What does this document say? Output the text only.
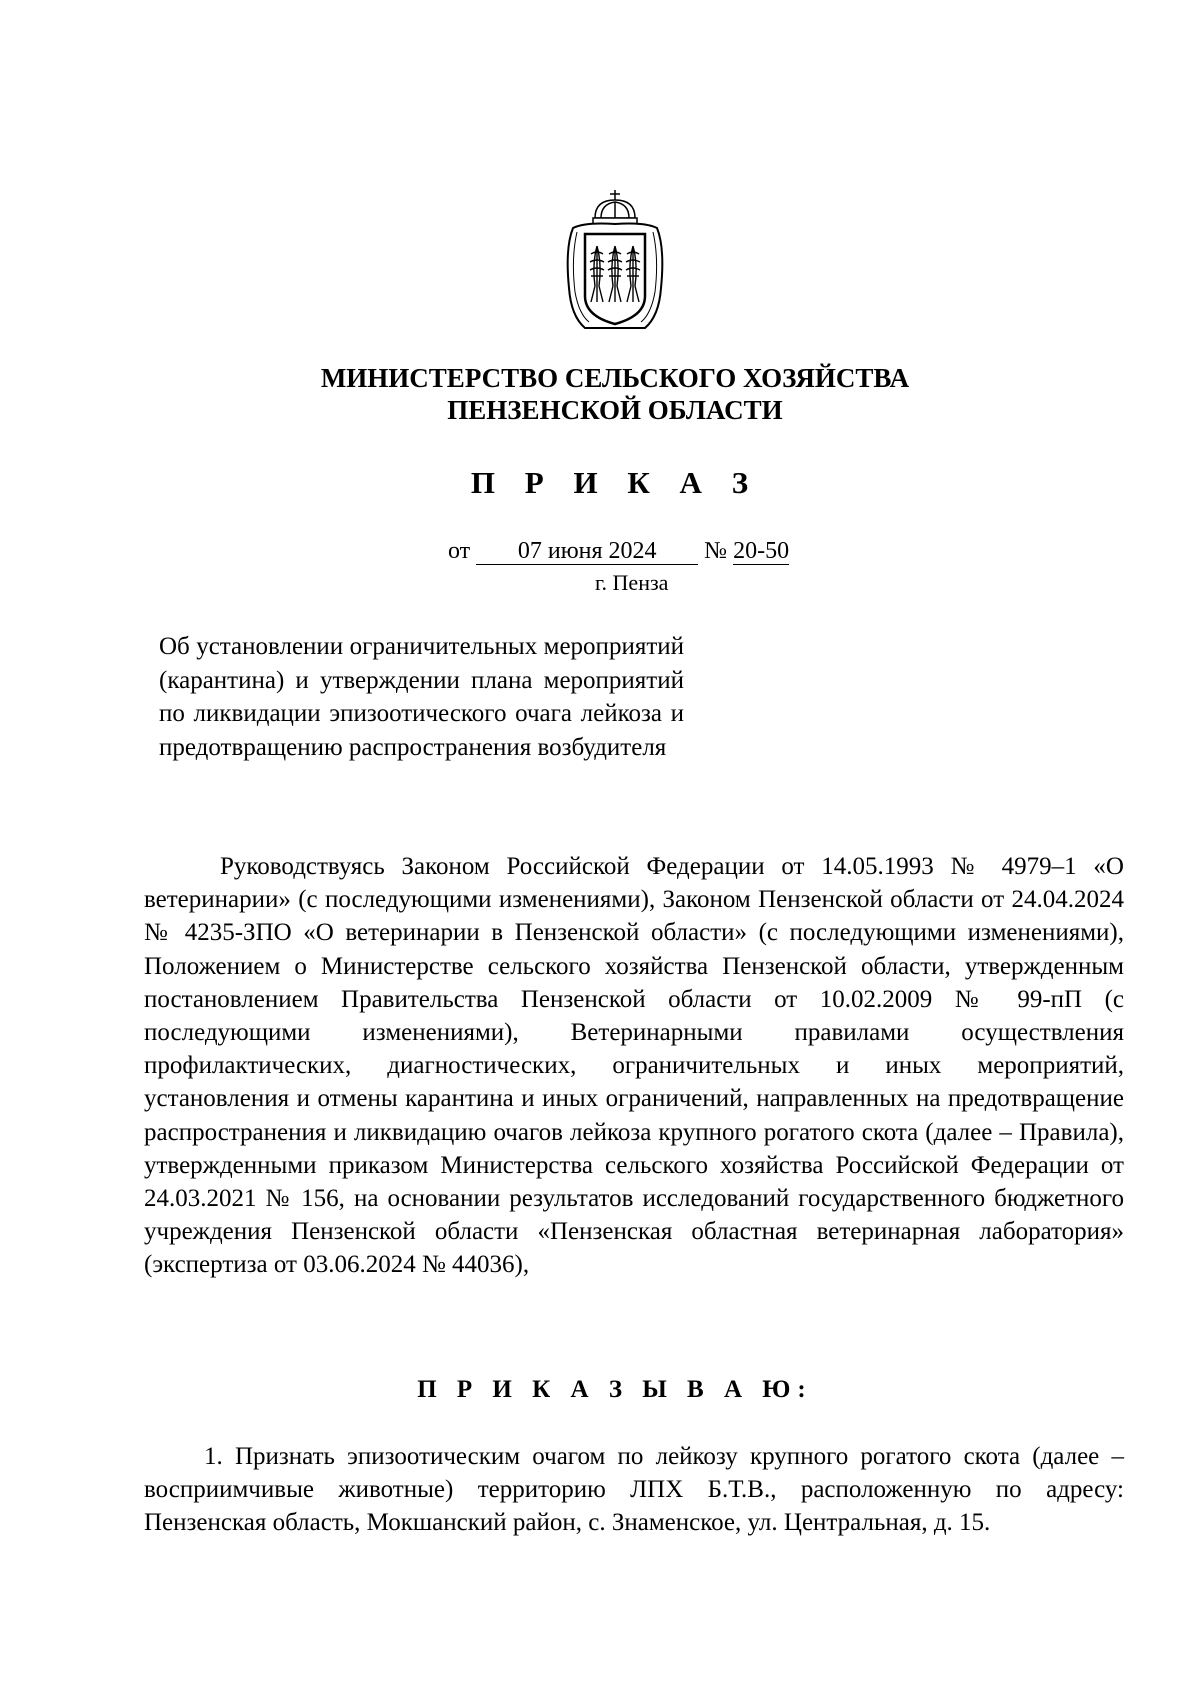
МИНИСТЕРСТВО СЕЛЬСКОГО ХОЗЯЙСТВА
ПЕНЗЕНСКОЙ ОБЛАСТИ
П Р И К А З
от 07 июня 2024 № 20-50
г. Пенза
Об установлении ограничительных мероприятий (карантина) и утверждении плана мероприятий по ликвидации эпизоотического очага лейкоза и предотвращению распространения возбудителя

Руководствуясь Законом Российской Федерации от 14.05.1993 № 4979–1 «О ветеринарии» (с последующими изменениями), Законом Пензенской области от 24.04.2024 № 4235-ЗПО «О ветеринарии в Пензенской области» (с последующими изменениями), Положением о Министерстве сельского хозяйства Пензенской области, утвержденным постановлением Правительства Пензенской области от 10.02.2009 № 99-пП (с последующими изменениями), Ветеринарными правилами осуществления профилактических, диагностических, ограничительных и иных мероприятий, установления и отмены карантина и иных ограничений, направленных на предотвращение распространения и ликвидацию очагов лейкоза крупного рогатого скота (далее – Правила), утвержденными приказом Министерства сельского хозяйства Российской Федерации от 24.03.2021 № 156, на основании результатов исследований государственного бюджетного учреждения Пензенской области «Пензенская областная ветеринарная лаборатория» (экспертиза от 03.06.2024 № 44036),

П Р И К А З Ы В А Ю:

1. Признать эпизоотическим очагом по лейкозу крупного рогатого скота (далее – восприимчивые животные) территорию ЛПХ Б.Т.В., расположенную по адресу: Пензенская область, Мокшанский район, с. Знаменское, ул. Центральная, д. 15.
